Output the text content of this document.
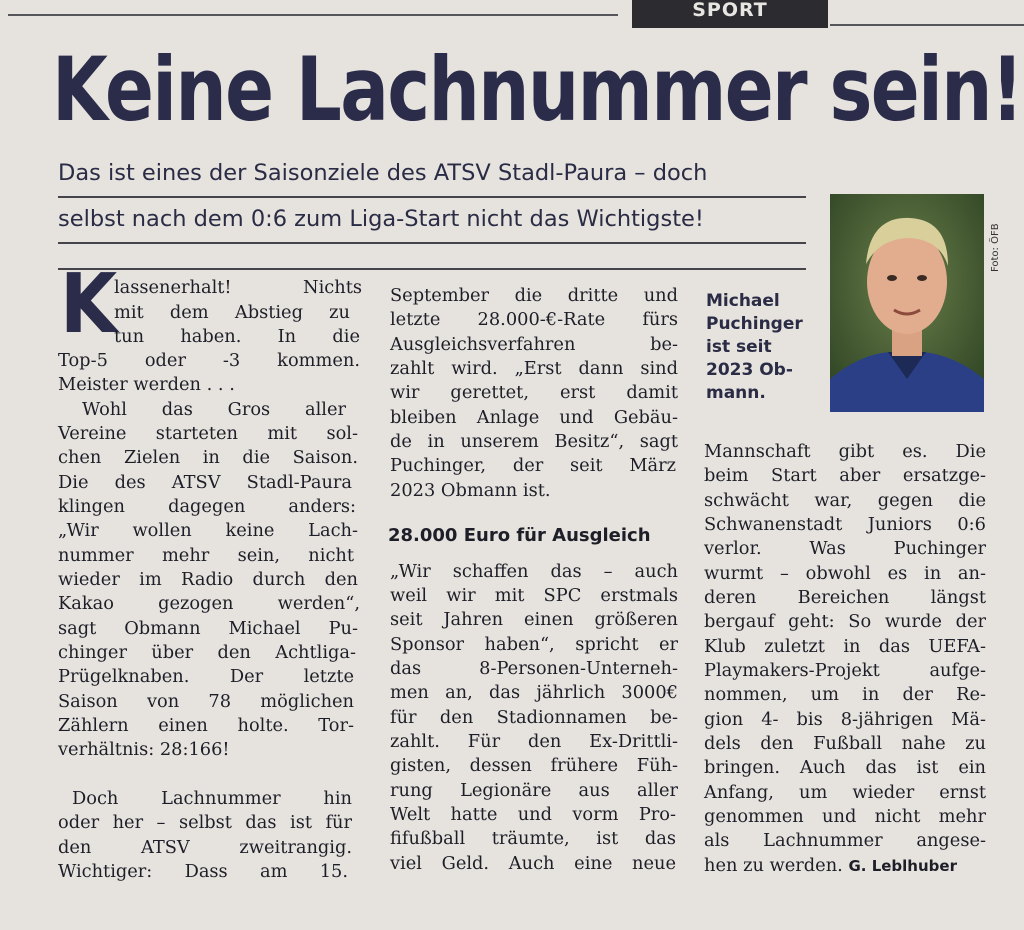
SPORT
Keine Lachnummer sein!
Das ist eines der Saisonziele des ATSV Stadl-Paura – doch
selbst nach dem 0:6 zum Liga-Start nicht das Wichtigste!
Foto: ÖFB
Michael
Puchinger
ist seit
2023 Ob-
mann.
K
lassenerhalt! Nichts
mit dem Abstieg zu
tun haben. In die
Top-5 oder -3 kommen.
Meister werden . . .
Wohl das Gros aller
Vereine starteten mit sol-
chen Zielen in die Saison.
Die des ATSV Stadl-Paura
klingen dagegen anders:
„Wir wollen keine Lach-
nummer mehr sein, nicht
wieder im Radio durch den
Kakao gezogen werden“,
sagt Obmann Michael Pu-
chinger über den Achtliga-
Prügelknaben. Der letzte
Saison von 78 möglichen
Zählern einen holte. Tor-
verhältnis: 28:166!
Doch Lachnummer hin
oder her – selbst das ist für
den ATSV zweitrangig.
Wichtiger: Dass am 15.
September die dritte und
letzte 28.000-€-Rate fürs
Ausgleichsverfahren be-
zahlt wird. „Erst dann sind
wir gerettet, erst damit
bleiben Anlage und Gebäu-
de in unserem Besitz“, sagt
Puchinger, der seit März
2023 Obmann ist.
28.000 Euro für Ausgleich
„Wir schaffen das – auch
weil wir mit SPC erstmals
seit Jahren einen größeren
Sponsor haben“, spricht er
das 8-Personen-Unterneh-
men an, das jährlich 3000€
für den Stadionnamen be-
zahlt. Für den Ex-Drittli-
gisten, dessen frühere Füh-
rung Legionäre aus aller
Welt hatte und vorm Pro-
fifußball träumte, ist das
viel Geld. Auch eine neue
Mannschaft gibt es. Die
beim Start aber ersatzge-
schwächt war, gegen die
Schwanenstadt Juniors 0:6
verlor. Was Puchinger
wurmt – obwohl es in an-
deren Bereichen längst
bergauf geht: So wurde der
Klub zuletzt in das UEFA-
Playmakers-Projekt aufge-
nommen, um in der Re-
gion 4- bis 8-jährigen Mä-
dels den Fußball nahe zu
bringen. Auch das ist ein
Anfang, um wieder ernst
genommen und nicht mehr
als Lachnummer angese-
hen zu werden. G. Leblhuber
